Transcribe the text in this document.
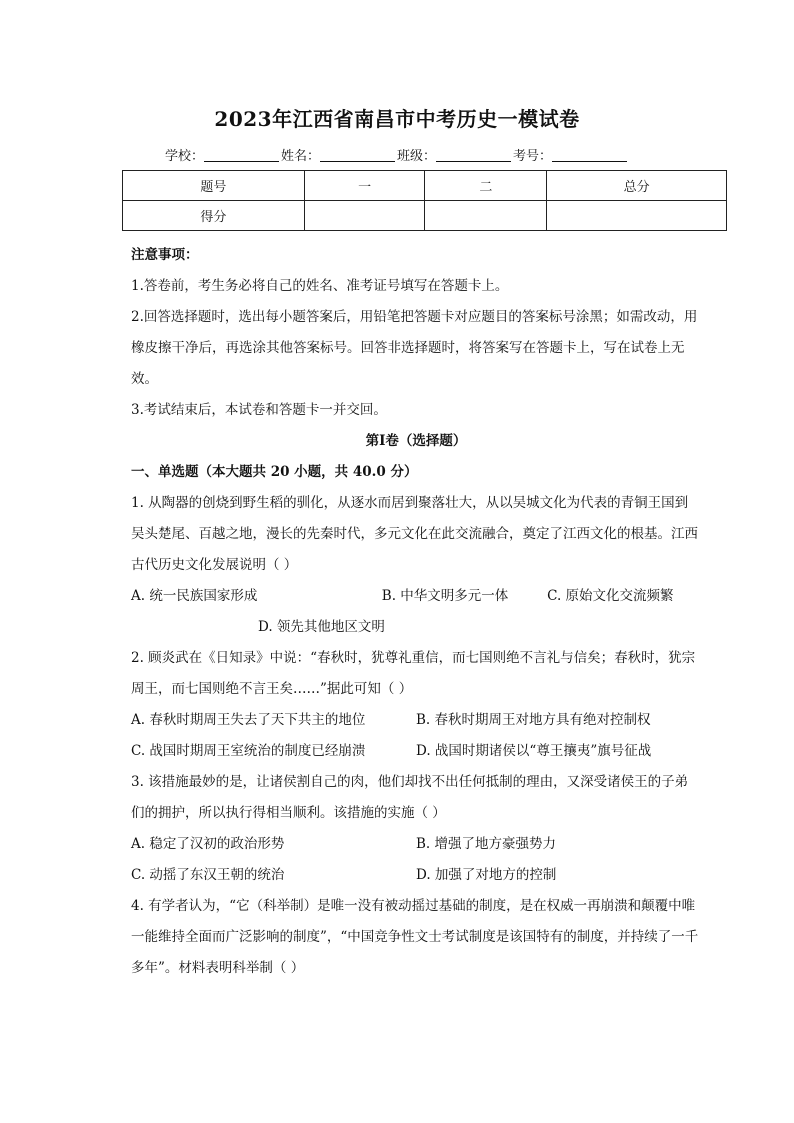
2023年江西省南昌市中考历史一模试卷
学校：	姓名：	班级：	考号：
题号	一	二	总分
得分			

注意事项：

1.答卷前，考生务必将自己的姓名、准考证号填写在答题卡上。

2.回答选择题时，选出每小题答案后，用铅笔把答题卡对应题目的答案标号涂黑；如需改动，用橡皮擦干净后，再选涂其他答案标号。回答非选择题时，将答案写在答题卡上，写在试卷上无效。

3.考试结束后，本试卷和答题卡一并交回。

第Ⅰ卷（选择题）

一、单选题（本大题共 20 小题，共 40.0 分）

1. 从陶器的创烧到野生稻的驯化，从逐水而居到聚落壮大，从以吴城文化为代表的青铜王国到吴头楚尾、百越之地，漫长的先秦时代，多元文化在此交流融合，奠定了江西文化的根基。江西古代历史文化发展说明（ ）

A. 统一民族国家形成	B. 中华文明多元一体	C. 原始文化交流频繁
D. 领先其他地区文明

2. 顾炎武在《日知录》中说：“春秋时，犹尊礼重信，而七国则绝不言礼与信矣；春秋时，犹宗周王，而七国则绝不言王矣……”据此可知（ ）

A. 春秋时期周王失去了天下共主的地位	B. 春秋时期周王对地方具有绝对控制权
C. 战国时期周王室统治的制度已经崩溃	D. 战国时期诸侯以“尊王攘夷”旗号征战

3. 该措施最妙的是，让诸侯割自己的肉，他们却找不出任何抵制的理由，又深受诸侯王的子弟们的拥护，所以执行得相当顺利。该措施的实施（ ）

A. 稳定了汉初的政治形势	B. 增强了地方豪强势力
C. 动摇了东汉王朝的统治	D. 加强了对地方的控制

4. 有学者认为，“它（科举制）是唯一没有被动摇过基础的制度，是在权威一再崩溃和颠覆中唯一能维持全面而广泛影响的制度”，“中国竞争性文士考试制度是该国特有的制度，并持续了一千多年”。材料表明科举制（ ）
